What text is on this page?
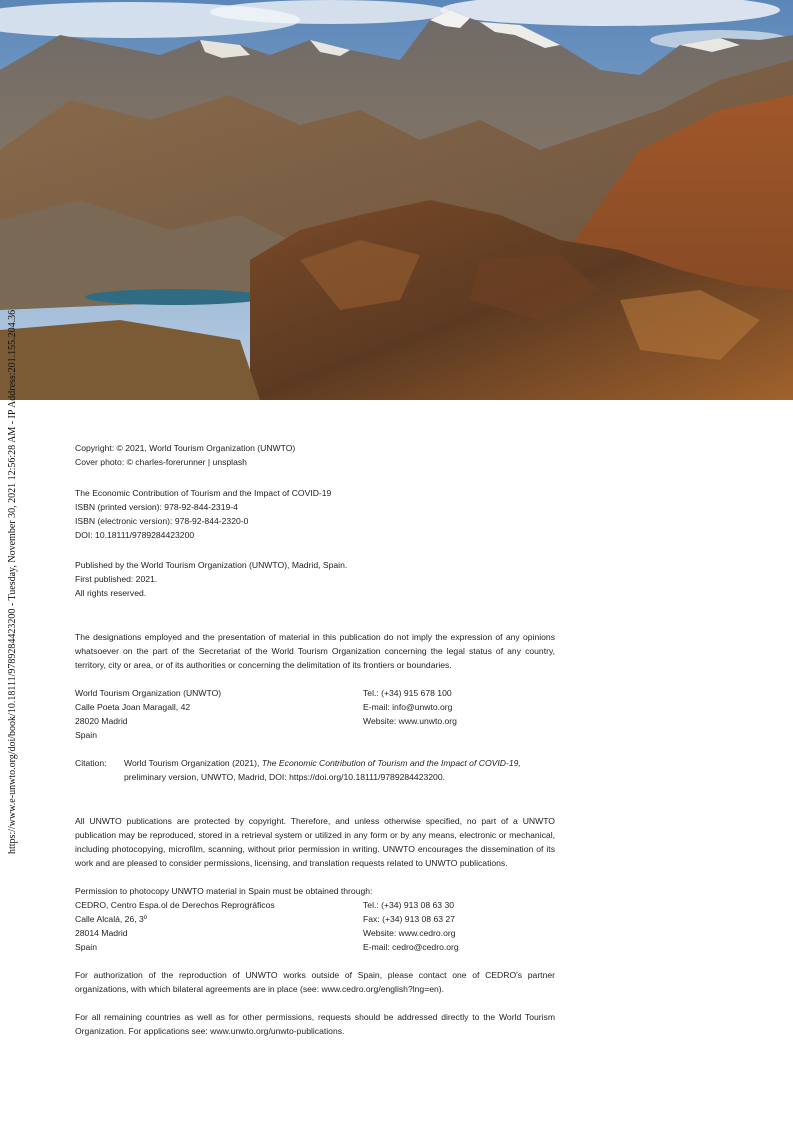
https://www.e-unwto.org/doi/book/10.18111/9789284423200 - Tuesday, November 30, 2021 12:56:28 AM - IP Address:201.155.204.36	Copyright: © 2021, World Tourism Organization (UNWTO)
Cover photo: © charles-forerunner | unsplash
The Economic Contribution of Tourism and the Impact of COVID-19
ISBN (printed version): 978-92-844-2319-4
ISBN (electronic version): 978-92-844-2320-0
DOI: 10.18111/9789284423200
Published by the World Tourism Organization (UNWTO), Madrid, Spain.
First published: 2021.
All rights reserved.

The designations employed and the presentation of material in this publication do not imply the expression of any opinions whatsoever on the part of the Secretariat of the World Tourism Organization concerning the legal status of any country, territory, city or area, or of its authorities or concerning the delimitation of its frontiers or boundaries.

World Tourism Organization (UNWTO)
Calle Poeta Joan Maragall, 42
28020 Madrid
Spain
Tel.: (+34) 915 678 100
E-mail: info@unwto.org
Website: www.unwto.org
Citation:	World Tourism Organization (2021), The Economic Contribution of Tourism and the Impact of COVID-19, preliminary version, UNWTO, Madrid, DOI: https://doi.org/10.18111/9789284423200.

All UNWTO publications are protected by copyright. Therefore, and unless otherwise specified, no part of a UNWTO publication may be reproduced, stored in a retrieval system or utilized in any form or by any means, electronic or mechanical, including photocopying, microfilm, scanning, without prior permission in writing. UNWTO encourages the dissemination of its work and are pleased to consider permissions, licensing, and translation requests related to UNWTO publications.

Permission to photocopy UNWTO material in Spain must be obtained through:
CEDRO, Centro Espa.ol de Derechos Reprográficos
Calle Alcalá, 26, 3º
28014 Madrid
Spain
Tel.: (+34) 913 08 63 30
Fax: (+34) 913 08 63 27
Website: www.cedro.org
E-mail: cedro@cedro.org

For authorization of the reproduction of UNWTO works outside of Spain, please contact one of CEDRO's partner organizations, with which bilateral agreements are in place (see: www.cedro.org/english?lng=en).

For all remaining countries as well as for other permissions, requests should be addressed directly to the World Tourism Organization. For applications see: www.unwto.org/unwto-publications.
